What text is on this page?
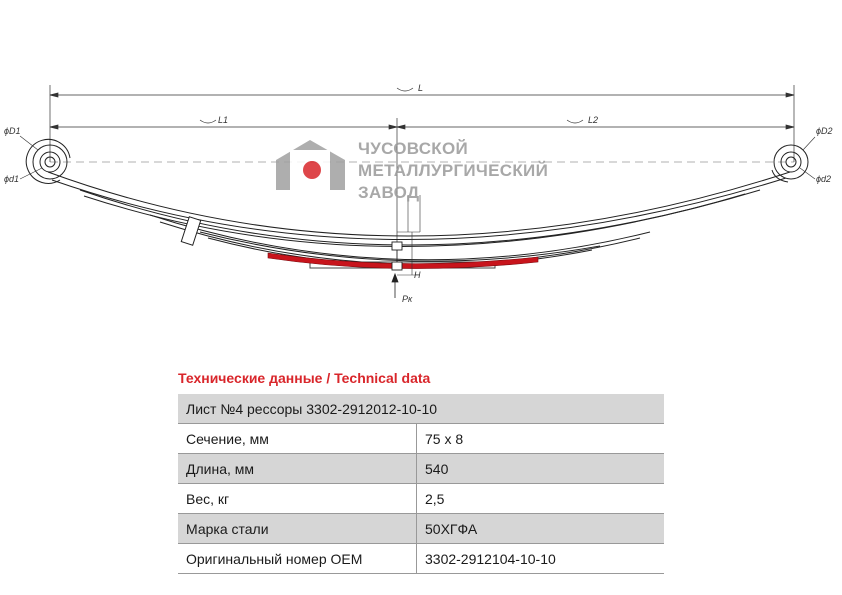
L
L1	L2
ϕD1
ϕd1
ϕD2
ϕd2
H
Pк
ЧУСОВСКОЙ
МЕТАЛЛУРГИЧЕСКИЙ
ЗАВОД
Технические данные / Technical data
Лист №4 рессоры 3302-2912012-10-10	
Сечение, мм	75 x 8
Длина, мм	540
Вес, кг	2,5
Марка стали	50ХГФА
Оригинальный номер OEM	3302-2912104-10-10
